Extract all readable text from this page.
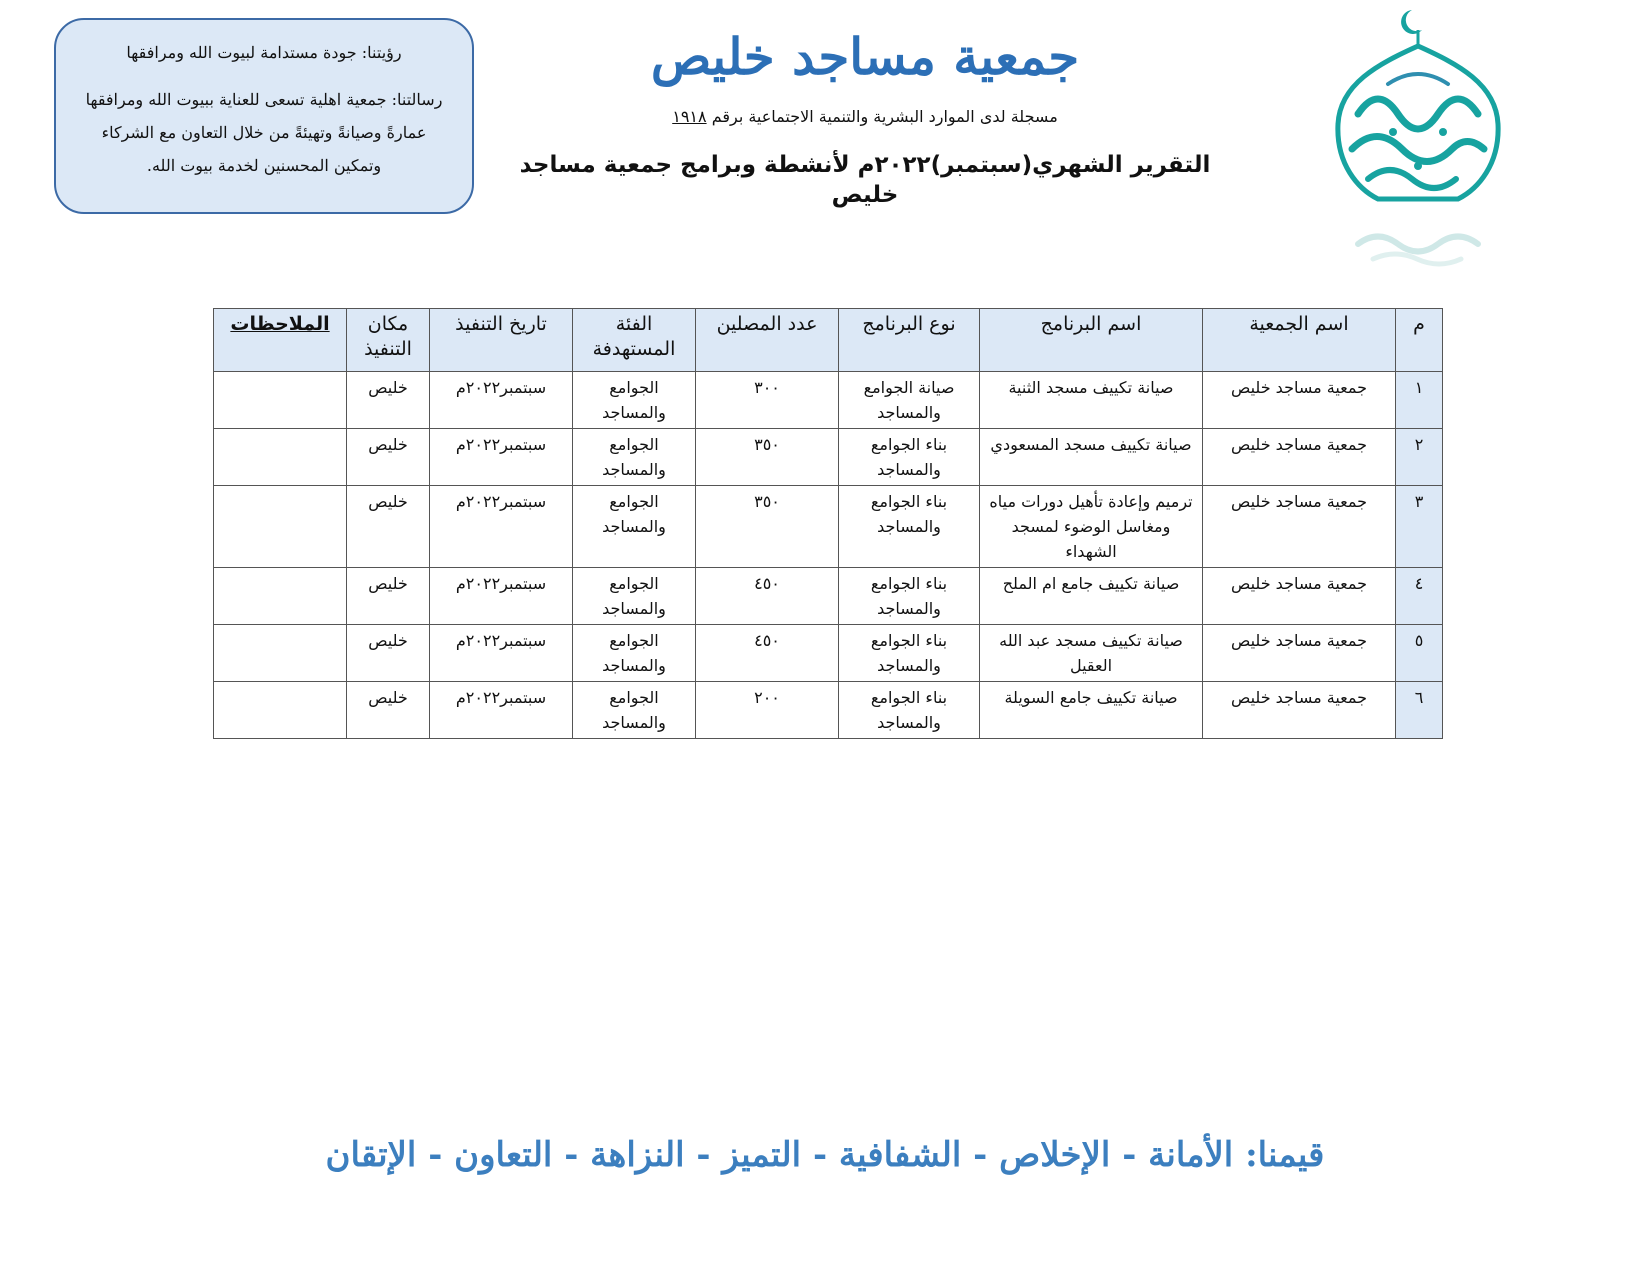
رؤيتنا: جودة مستدامة لبيوت الله ومرافقها

رسالتنا: جمعية اهلية تسعى للعناية ببيوت الله ومرافقها عمارةً وصيانةً وتهيئةً من خلال التعاون مع الشركاء وتمكين المحسنين لخدمة بيوت الله.

جمعية مساجد خليص
مسجلة لدى الموارد البشرية والتنمية الاجتماعية برقم ١٩١٨
التقرير الشهري(سبتمبر)٢٠٢٢م لأنشطة وبرامج جمعية مساجد خليص
م	اسم الجمعية	اسم البرنامج	نوع البرنامج	عدد المصلين	الفئة المستهدفة	تاريخ التنفيذ	مكان التنفيذ	الملاحظات
١	جمعية مساجد خليص	صيانة تكييف مسجد الثنية	صيانة الجوامع والمساجد	٣٠٠	الجوامع والمساجد	سبتمبر٢٠٢٢م	خليص	
٢	جمعية مساجد خليص	صيانة تكييف مسجد المسعودي	بناء الجوامع والمساجد	٣٥٠	الجوامع والمساجد	سبتمبر٢٠٢٢م	خليص	
٣	جمعية مساجد خليص	ترميم وإعادة تأهيل دورات مياه ومغاسل الوضوء لمسجد الشهداء	بناء الجوامع والمساجد	٣٥٠	الجوامع والمساجد	سبتمبر٢٠٢٢م	خليص	
٤	جمعية مساجد خليص	صيانة تكييف جامع ام الملح	بناء الجوامع والمساجد	٤٥٠	الجوامع والمساجد	سبتمبر٢٠٢٢م	خليص	
٥	جمعية مساجد خليص	صيانة تكييف مسجد عبد الله العقيل	بناء الجوامع والمساجد	٤٥٠	الجوامع والمساجد	سبتمبر٢٠٢٢م	خليص	
٦	جمعية مساجد خليص	صيانة تكييف جامع السويلة	بناء الجوامع والمساجد	٢٠٠	الجوامع والمساجد	سبتمبر٢٠٢٢م	خليص	
قيمنا: الأمانة - الإخلاص - الشفافية - التميز - النزاهة - التعاون - الإتقان
